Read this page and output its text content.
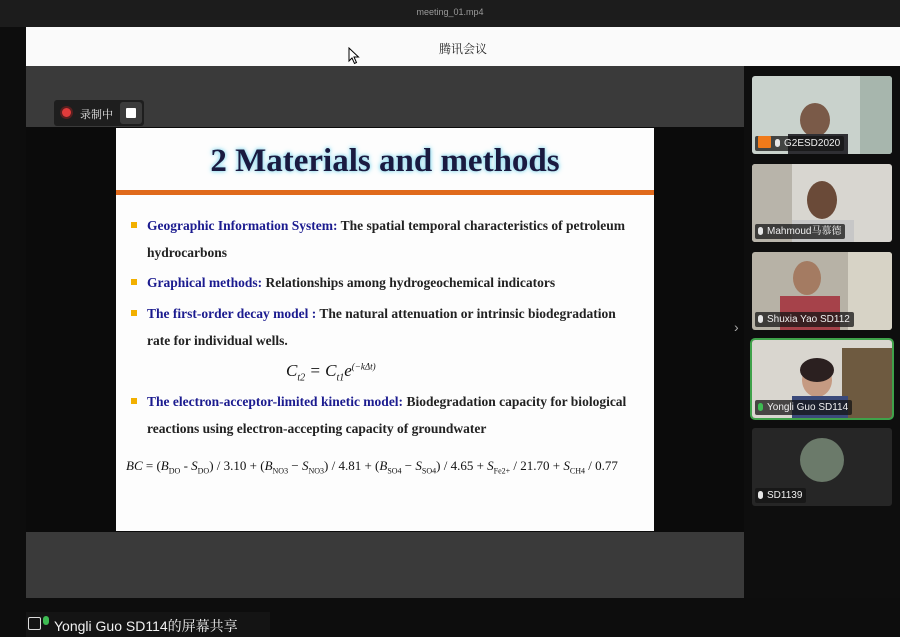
meeting_01.mp4
腾讯会议
录制中
2 Materials and methods
Geographic Information System: The spatial temporal characteristics of petroleum hydrocarbons
Graphical methods: Relationships among hydrogeochemical indicators
The first-order decay model : The natural attenuation or intrinsic biodegradation rate for individual wells.
$C_{t2} = C_{t1}e^{(-k\Delta t)}$
The electron-acceptor-limited kinetic model: Biodegradation capacity for biological reactions using electron-accepting capacity of groundwater
BC = $(B_{DO} - S_{DO}) / 3.10 + (B_{NO3} - S_{NO3}) / 4.81 + (B_{SO4} - S_{SO4}) / 4.65 + S_{Fe2+} / 21.70 + S_{CH4} / 0.77$
Yongli Guo SD114的屏幕共享
›
G2ESD2020
Mahmoud马慕德
Shuxia Yao SD112
Yongli Guo SD114
SD1139
